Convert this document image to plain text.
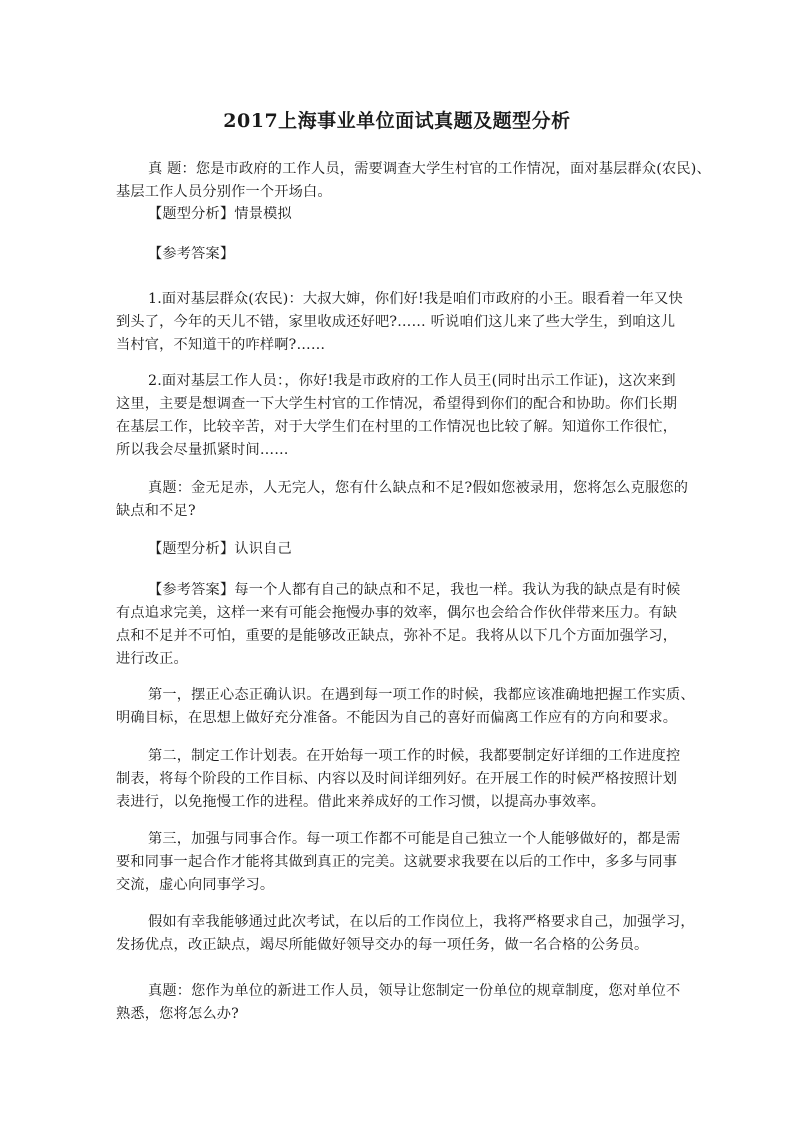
2017上海事业单位面试真题及题型分析
真 题：您是市政府的工作人员，需要调查大学生村官的工作情况，面对基层群众(农民)、
基层工作人员分别作一个开场白。
【题型分析】情景模拟
【参考答案】
1.面对基层群众(农民)：大叔大婶，你们好!我是咱们市政府的小王。眼看着一年又快
到头了，今年的天儿不错，家里收成还好吧?…… 听说咱们这儿来了些大学生，到咱这儿
当村官，不知道干的咋样啊?……
2.面对基层工作人员：，你好!我是市政府的工作人员王(同时出示工作证)，这次来到
这里，主要是想调查一下大学生村官的工作情况，希望得到你们的配合和协助。你们长期
在基层工作，比较辛苦，对于大学生们在村里的工作情况也比较了解。知道你工作很忙，
所以我会尽量抓紧时间……
真题：金无足赤，人无完人，您有什么缺点和不足?假如您被录用，您将怎么克服您的
缺点和不足?
【题型分析】认识自己
【参考答案】每一个人都有自己的缺点和不足，我也一样。我认为我的缺点是有时候
有点追求完美，这样一来有可能会拖慢办事的效率，偶尔也会给合作伙伴带来压力。有缺
点和不足并不可怕，重要的是能够改正缺点，弥补不足。我将从以下几个方面加强学习，
进行改正。
第一，摆正心态正确认识。在遇到每一项工作的时候，我都应该准确地把握工作实质、
明确目标，在思想上做好充分准备。不能因为自己的喜好而偏离工作应有的方向和要求。
第二，制定工作计划表。在开始每一项工作的时候，我都要制定好详细的工作进度控
制表，将每个阶段的工作目标、内容以及时间详细列好。在开展工作的时候严格按照计划
表进行，以免拖慢工作的进程。借此来养成好的工作习惯，以提高办事效率。
第三，加强与同事合作。每一项工作都不可能是自己独立一个人能够做好的，都是需
要和同事一起合作才能将其做到真正的完美。这就要求我要在以后的工作中，多多与同事
交流，虚心向同事学习。
假如有幸我能够通过此次考试，在以后的工作岗位上，我将严格要求自己，加强学习，
发扬优点，改正缺点，竭尽所能做好领导交办的每一项任务，做一名合格的公务员。
真题：您作为单位的新进工作人员，领导让您制定一份单位的规章制度，您对单位不
熟悉，您将怎么办?
